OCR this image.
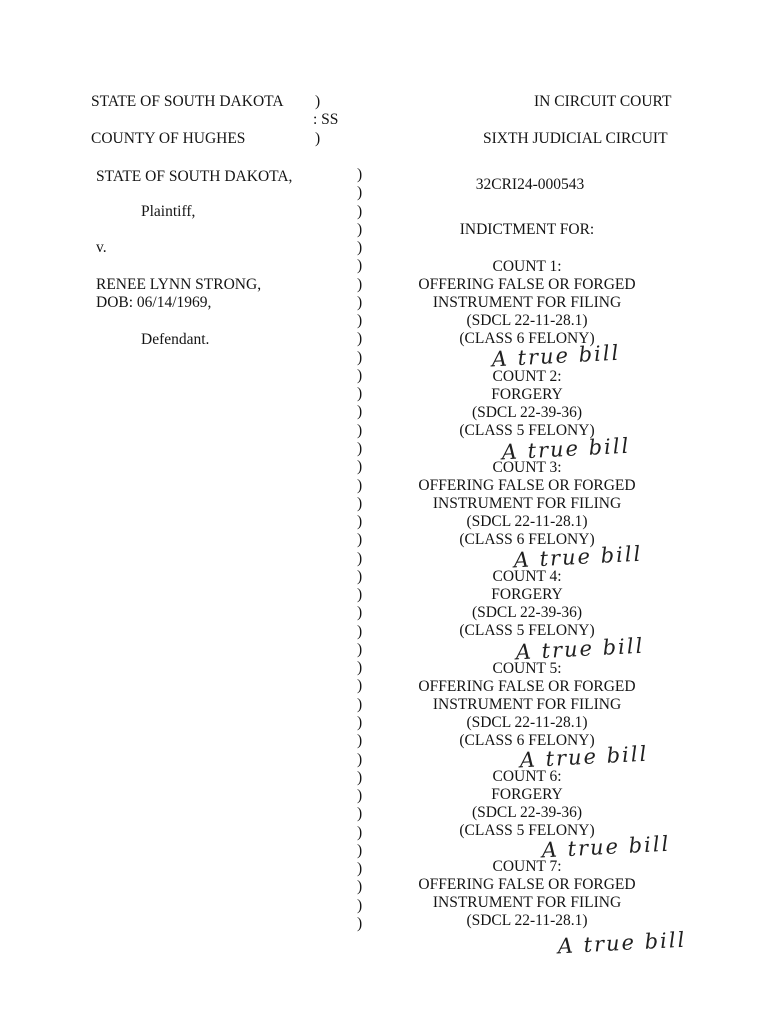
STATE OF SOUTH DAKOTA )
: SS
COUNTY OF HUGHES	)
IN CIRCUIT COURT
SIXTH JUDICIAL CIRCUIT
STATE OF SOUTH DAKOTA,
Plaintiff,
v.
RENEE LYNN STRONG,
DOB: 06/14/1969,
Defendant.
)
)
)
)
)
)
)
)
)
)
)
)
)
)
)
)
)
)
)
)
)
)
)
)
)
)
)
)
)
)
)
)
)
)
)
)
)
)
)
)
)
)
32CRI24-000543
INDICTMENT FOR:
COUNT 1:
OFFERING FALSE OR FORGED
INSTRUMENT FOR FILING
(SDCL 22-11-28.1)
(CLASS 6 FELONY)
A true bill
COUNT 2:
FORGERY
(SDCL 22-39-36)
(CLASS 5 FELONY)
A true bill
COUNT 3:
OFFERING FALSE OR FORGED
INSTRUMENT FOR FILING
(SDCL 22-11-28.1)
(CLASS 6 FELONY)
A true bill
COUNT 4:
FORGERY
(SDCL 22-39-36)
(CLASS 5 FELONY)
A true bill
COUNT 5:
OFFERING FALSE OR FORGED
INSTRUMENT FOR FILING
(SDCL 22-11-28.1)
(CLASS 6 FELONY)
A true bill
COUNT 6:
FORGERY
(SDCL 22-39-36)
(CLASS 5 FELONY)
A true bill
COUNT 7:
OFFERING FALSE OR FORGED
INSTRUMENT FOR FILING
(SDCL 22-11-28.1)
A true bill
